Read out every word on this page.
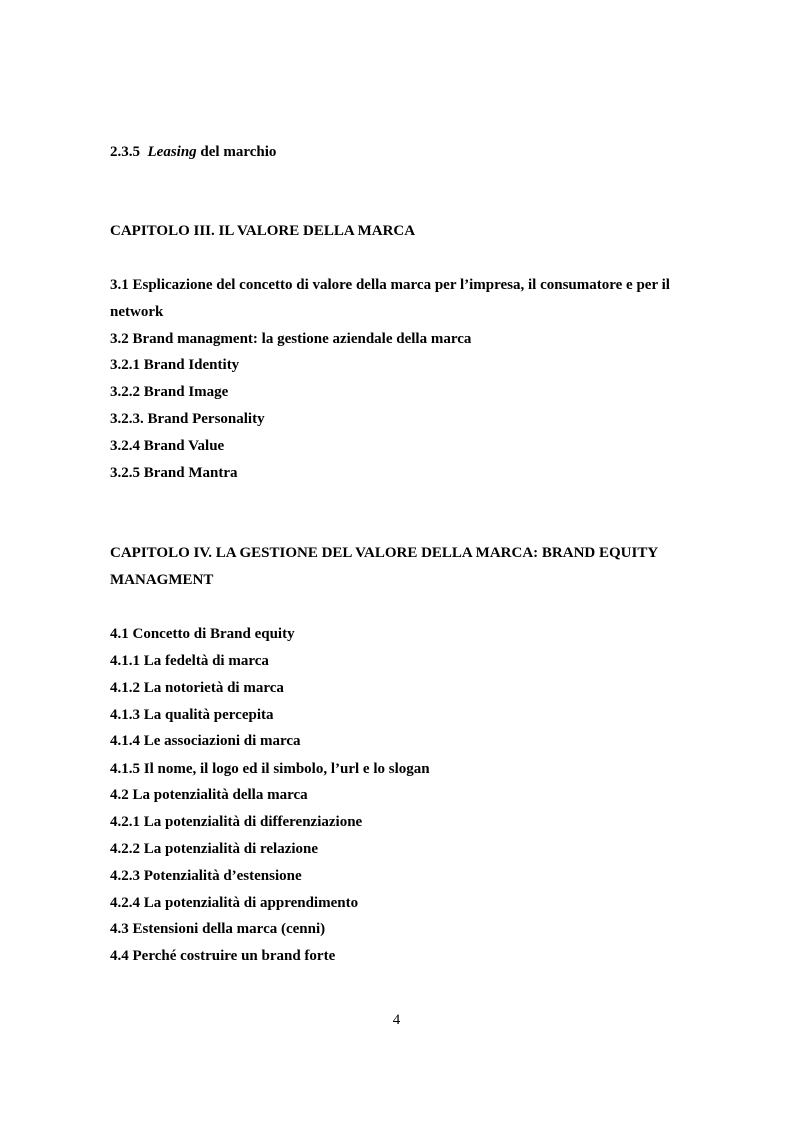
2.3.5 Leasing del marchio
CAPITOLO III. IL VALORE DELLA MARCA
3.1 Esplicazione del concetto di valore della marca per l’impresa, il consumatore e per il network
3.2 Brand managment: la gestione aziendale della marca
3.2.1 Brand Identity
3.2.2 Brand Image
3.2.3. Brand Personality
3.2.4 Brand Value
3.2.5 Brand Mantra
CAPITOLO IV. LA GESTIONE DEL VALORE DELLA MARCA: BRAND EQUITY MANAGMENT
4.1 Concetto di Brand equity
4.1.1 La fedeltà di marca
4.1.2 La notorietà di marca
4.1.3 La qualità percepita
4.1.4 Le associazioni di marca
4.1.5 Il nome, il logo ed il simbolo, l’url e lo slogan
4.2 La potenzialità della marca
4.2.1 La potenzialità di differenziazione
4.2.2 La potenzialità di relazione
4.2.3 Potenzialità d’estensione
4.2.4 La potenzialità di apprendimento
4.3 Estensioni della marca (cenni)
4.4 Perché costruire un brand forte
4
